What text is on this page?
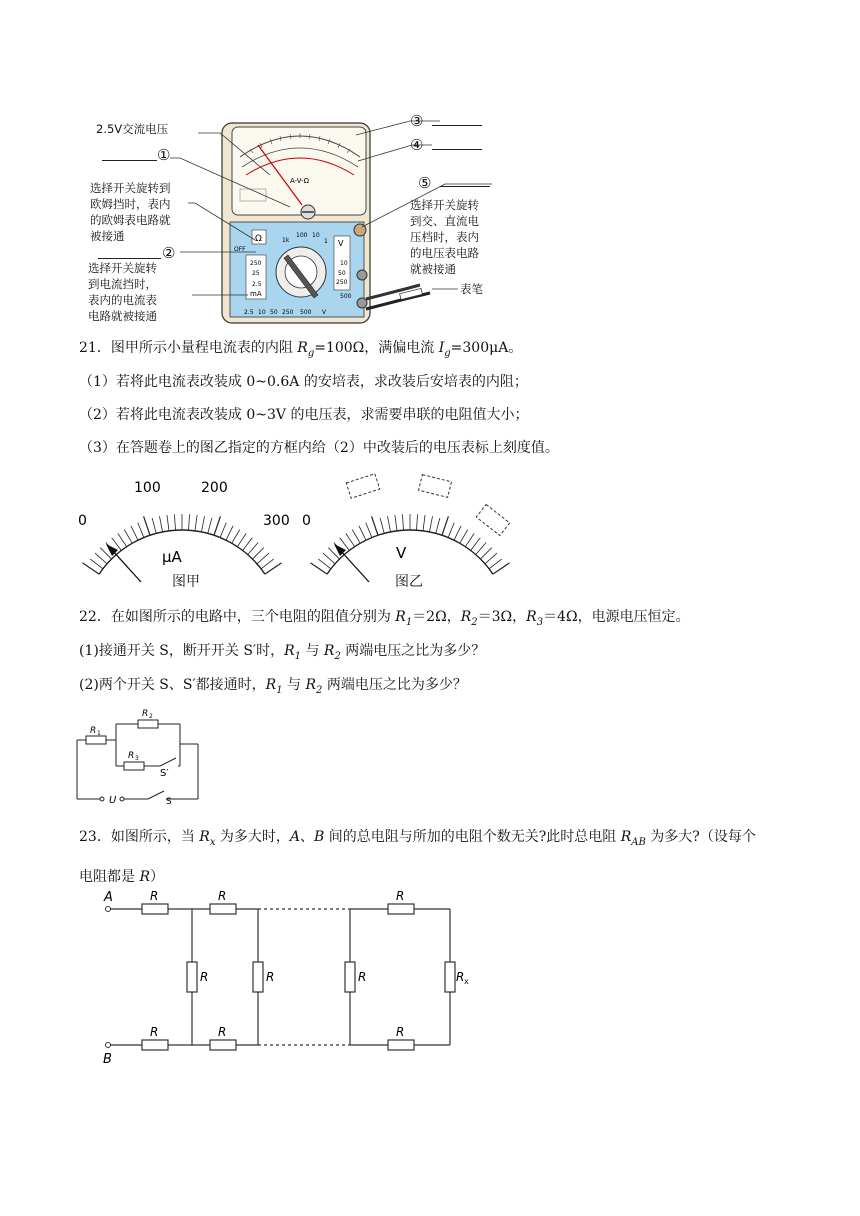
A-V-Ω
Ω	V
mA
OFF
1k
100 10
1
250
25
2.5
10
50
250
500
2.5 10 50 250 500 V
2.5V交流电压
①
选择开关旋转到
欧姆挡时，表内
的欧姆表电路就
被接通
②
选择开关旋转
到电流挡时，
表内的电流表
电路就被接通
③
④
⑤
选择开关旋转
到交、直流电
压档时，表内
的电压表电路
就被接通
表笔
21．图甲所示小量程电流表的内阻 $R_g=100\Omega$，满偏电流 $I_g=300\mu A$。
（1）若将此电流表改装成 0~0.6A 的安培表，求改装后安培表的内阻；
（2）若将此电流表改装成 0~3V 的电压表，求需要串联的电阻值大小；
（3）在答题卷上的图乙指定的方框内给（2）中改装后的电压表标上刻度值。
0
100	200
300
μA
0
V
图甲	图乙
22．在如图所示的电路中，三个电阻的阻值分别为 $R_1=2\Omega$，$R_2=3\Omega$，$R_3=4\Omega$，电源电压恒定。
(1)接通开关 S，断开开关 S′时，$R_1$ 与 $R_2$ 两端电压之比为多少？
(2)两个开关 S、S′都接通时，$R_1$ 与 $R_2$ 两端电压之比为多少？
R 1
R 2
R 3
S′
U	S
23．如图所示，当 $R_x$ 为多大时，A、B 间的总电阻与所加的电阻个数无关?此时总电阻 $R_{AB}$ 为多大?（设每个
电阻都是 R）
A
B
R	R	R
R	R	R
R	R	R	R x
